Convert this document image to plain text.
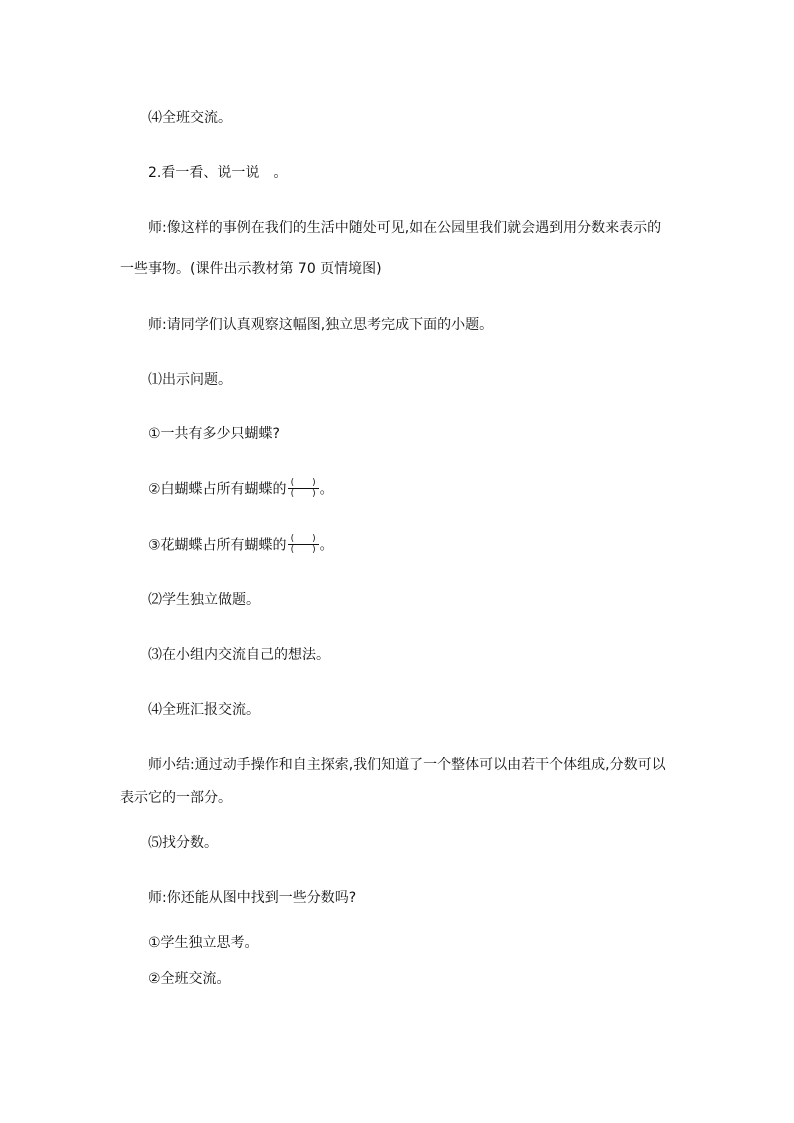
⑷全班交流。
2.看一看、说一说　。
师:像这样的事例在我们的生活中随处可见,如在公园里我们就会遇到用分数来表示的
一些事物。(课件出示教材第 70 页情境图)
师:请同学们认真观察这幅图,独立思考完成下面的小题。
⑴出示问题。
①一共有多少只蝴蝶?
②白蝴蝶占所有蝴蝶的 $\frac{( )}{( )}$ 。
③花蝴蝶占所有蝴蝶的 $\frac{( )}{( )}$ 。
⑵学生独立做题。
⑶在小组内交流自己的想法。
⑷全班汇报交流。
师小结:通过动手操作和自主探索,我们知道了一个整体可以由若干个体组成,分数可以
表示它的一部分。
⑸找分数。
师:你还能从图中找到一些分数吗?
①学生独立思考。
②全班交流。
